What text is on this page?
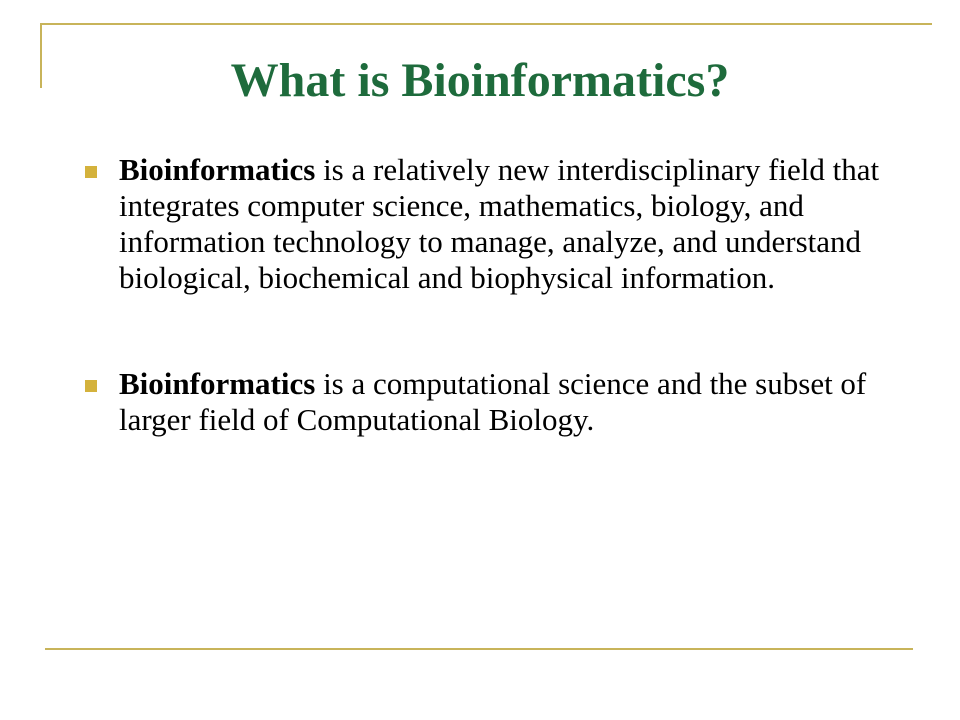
What is Bioinformatics?
Bioinformatics is a relatively new interdisciplinary field that integrates computer science, mathematics, biology, and information technology to manage, analyze, and understand biological, biochemical and biophysical information.
Bioinformatics is a computational science and the subset of larger field of Computational Biology.
